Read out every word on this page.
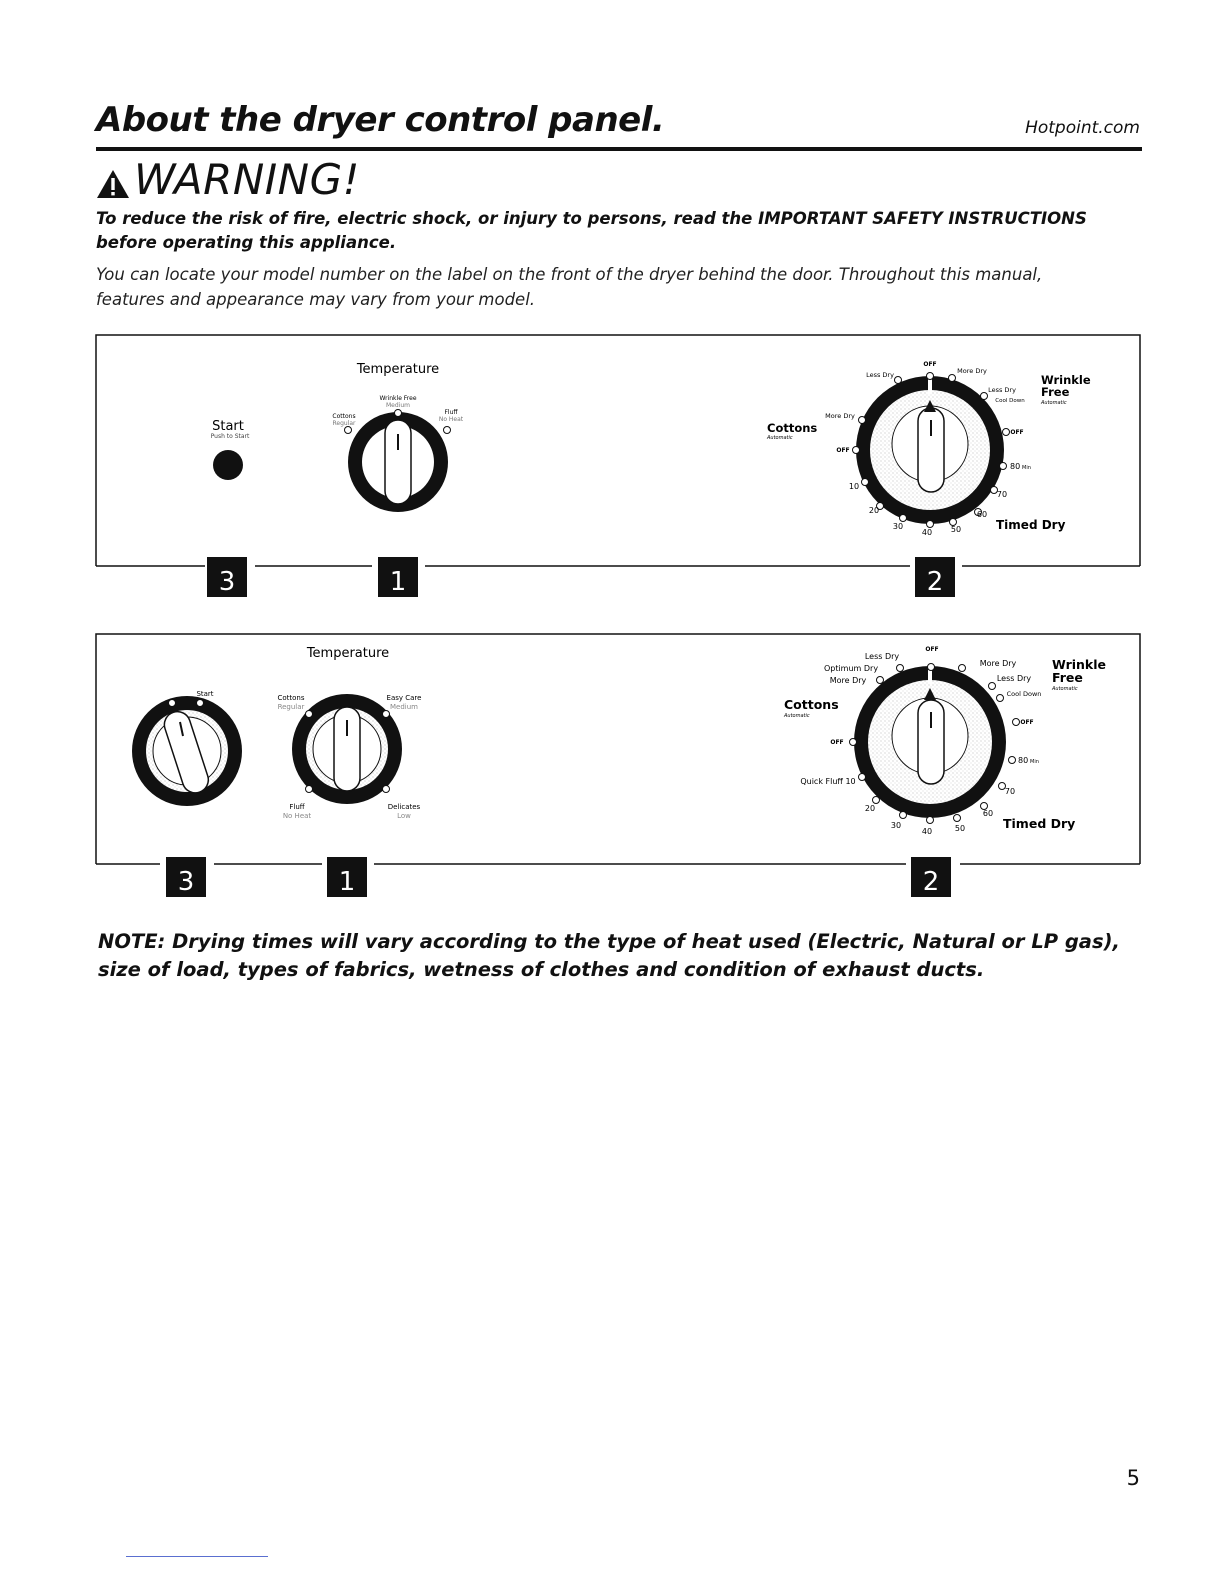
About the dryer control panel.	Hotpoint.com
WARNING!
To reduce the risk of fire, electric shock, or injury to persons, read the IMPORTANT SAFETY INSTRUCTIONS before operating this appliance.
You can locate your model number on the label on the front of the dryer behind the door. Throughout this manual, features and appearance may vary from your model.
Start
Push to Start
Temperature
Wrinkle Free
Medium
Cottons
Regular
Fluff
No Heat
OFF
Less Dry	More Dry
Less Dry
Cool Down
Wrinkle
Free
Automatic
More Dry
Cottons
Automatic
OFF
OFF
10
20
30
40 50
60
70
80 Min
Timed Dry
3	1	2
Start
Temperature
Cottons
Regular
Easy Care
Medium
Fluff
No Heat
Delicates
Low
OFF
Less Dry
Optimum Dry
More Dry
More Dry
Less Dry
Cool Down
Wrinkle
Free
Automatic
Cottons
Automatic
OFF
OFF
Quick Fluff 10
20
30
40	50
60
70
80 Min
Timed Dry
3	1	2
NOTE: Drying times will vary according to the type of heat used (Electric, Natural or LP gas), size of load, types of fabrics, wetness of clothes and condition of exhaust ducts.
5
